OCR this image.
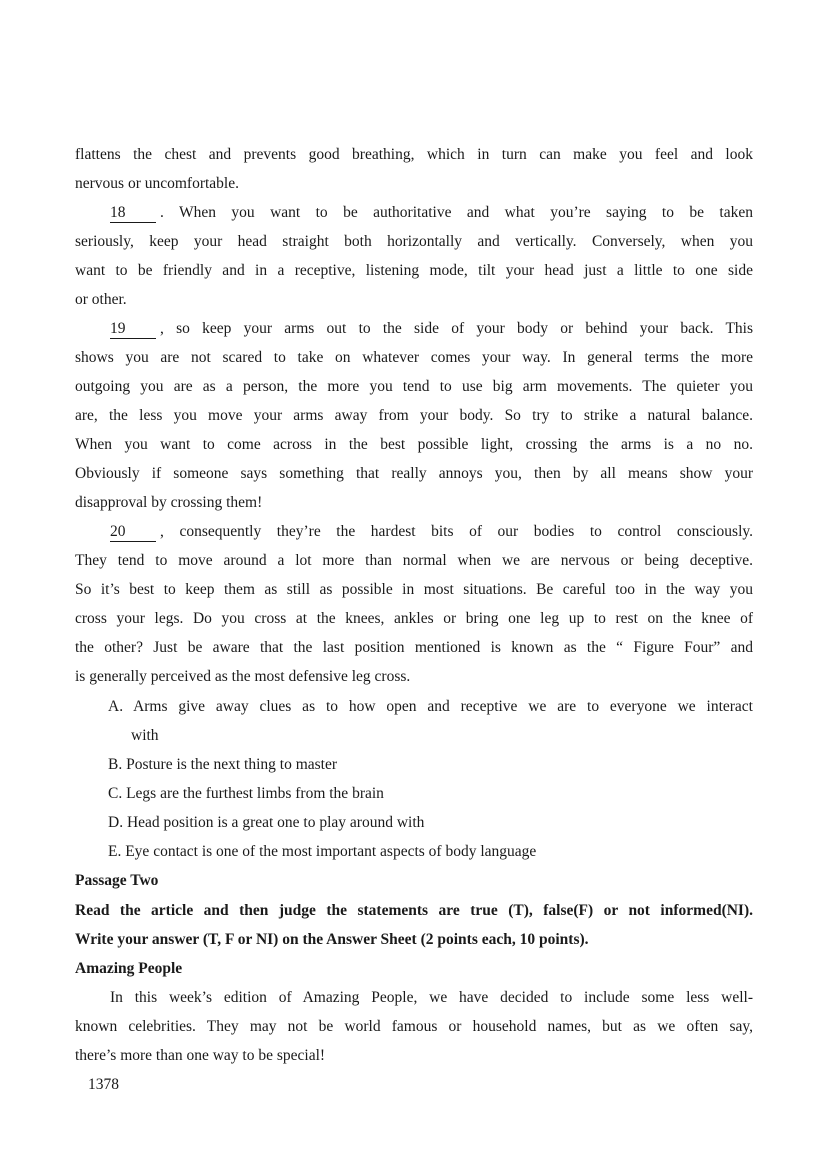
flattens the chest and prevents good breathing, which in turn can make you feel and look
nervous or uncomfortable.
18 . When you want to be authoritative and what you’re saying to be taken
seriously, keep your head straight both horizontally and vertically. Conversely, when you
want to be friendly and in a receptive, listening mode, tilt your head just a little to one side
or other.
19 , so keep your arms out to the side of your body or behind your back. This
shows you are not scared to take on whatever comes your way. In general terms the more
outgoing you are as a person, the more you tend to use big arm movements. The quieter you
are, the less you move your arms away from your body. So try to strike a natural balance.
When you want to come across in the best possible light, crossing the arms is a no no.
Obviously if someone says something that really annoys you, then by all means show your
disapproval by crossing them!
20 , consequently they’re the hardest bits of our bodies to control consciously.
They tend to move around a lot more than normal when we are nervous or being deceptive.
So it’s best to keep them as still as possible in most situations. Be careful too in the way you
cross your legs. Do you cross at the knees, ankles or bring one leg up to rest on the knee of
the other? Just be aware that the last position mentioned is known as the “ Figure Four” and
is generally perceived as the most defensive leg cross.
A. Arms give away clues as to how open and receptive we are to everyone we interact
with
B. Posture is the next thing to master
C. Legs are the furthest limbs from the brain
D. Head position is a great one to play around with
E. Eye contact is one of the most important aspects of body language
Passage Two
Read the article and then judge the statements are true (T), false(F) or not informed(NI).
Write your answer (T, F or NI) on the Answer Sheet (2 points each, 10 points).
Amazing People
In this week’s edition of Amazing People, we have decided to include some less well-
known celebrities. They may not be world famous or household names, but as we often say,
there’s more than one way to be special!
1378
